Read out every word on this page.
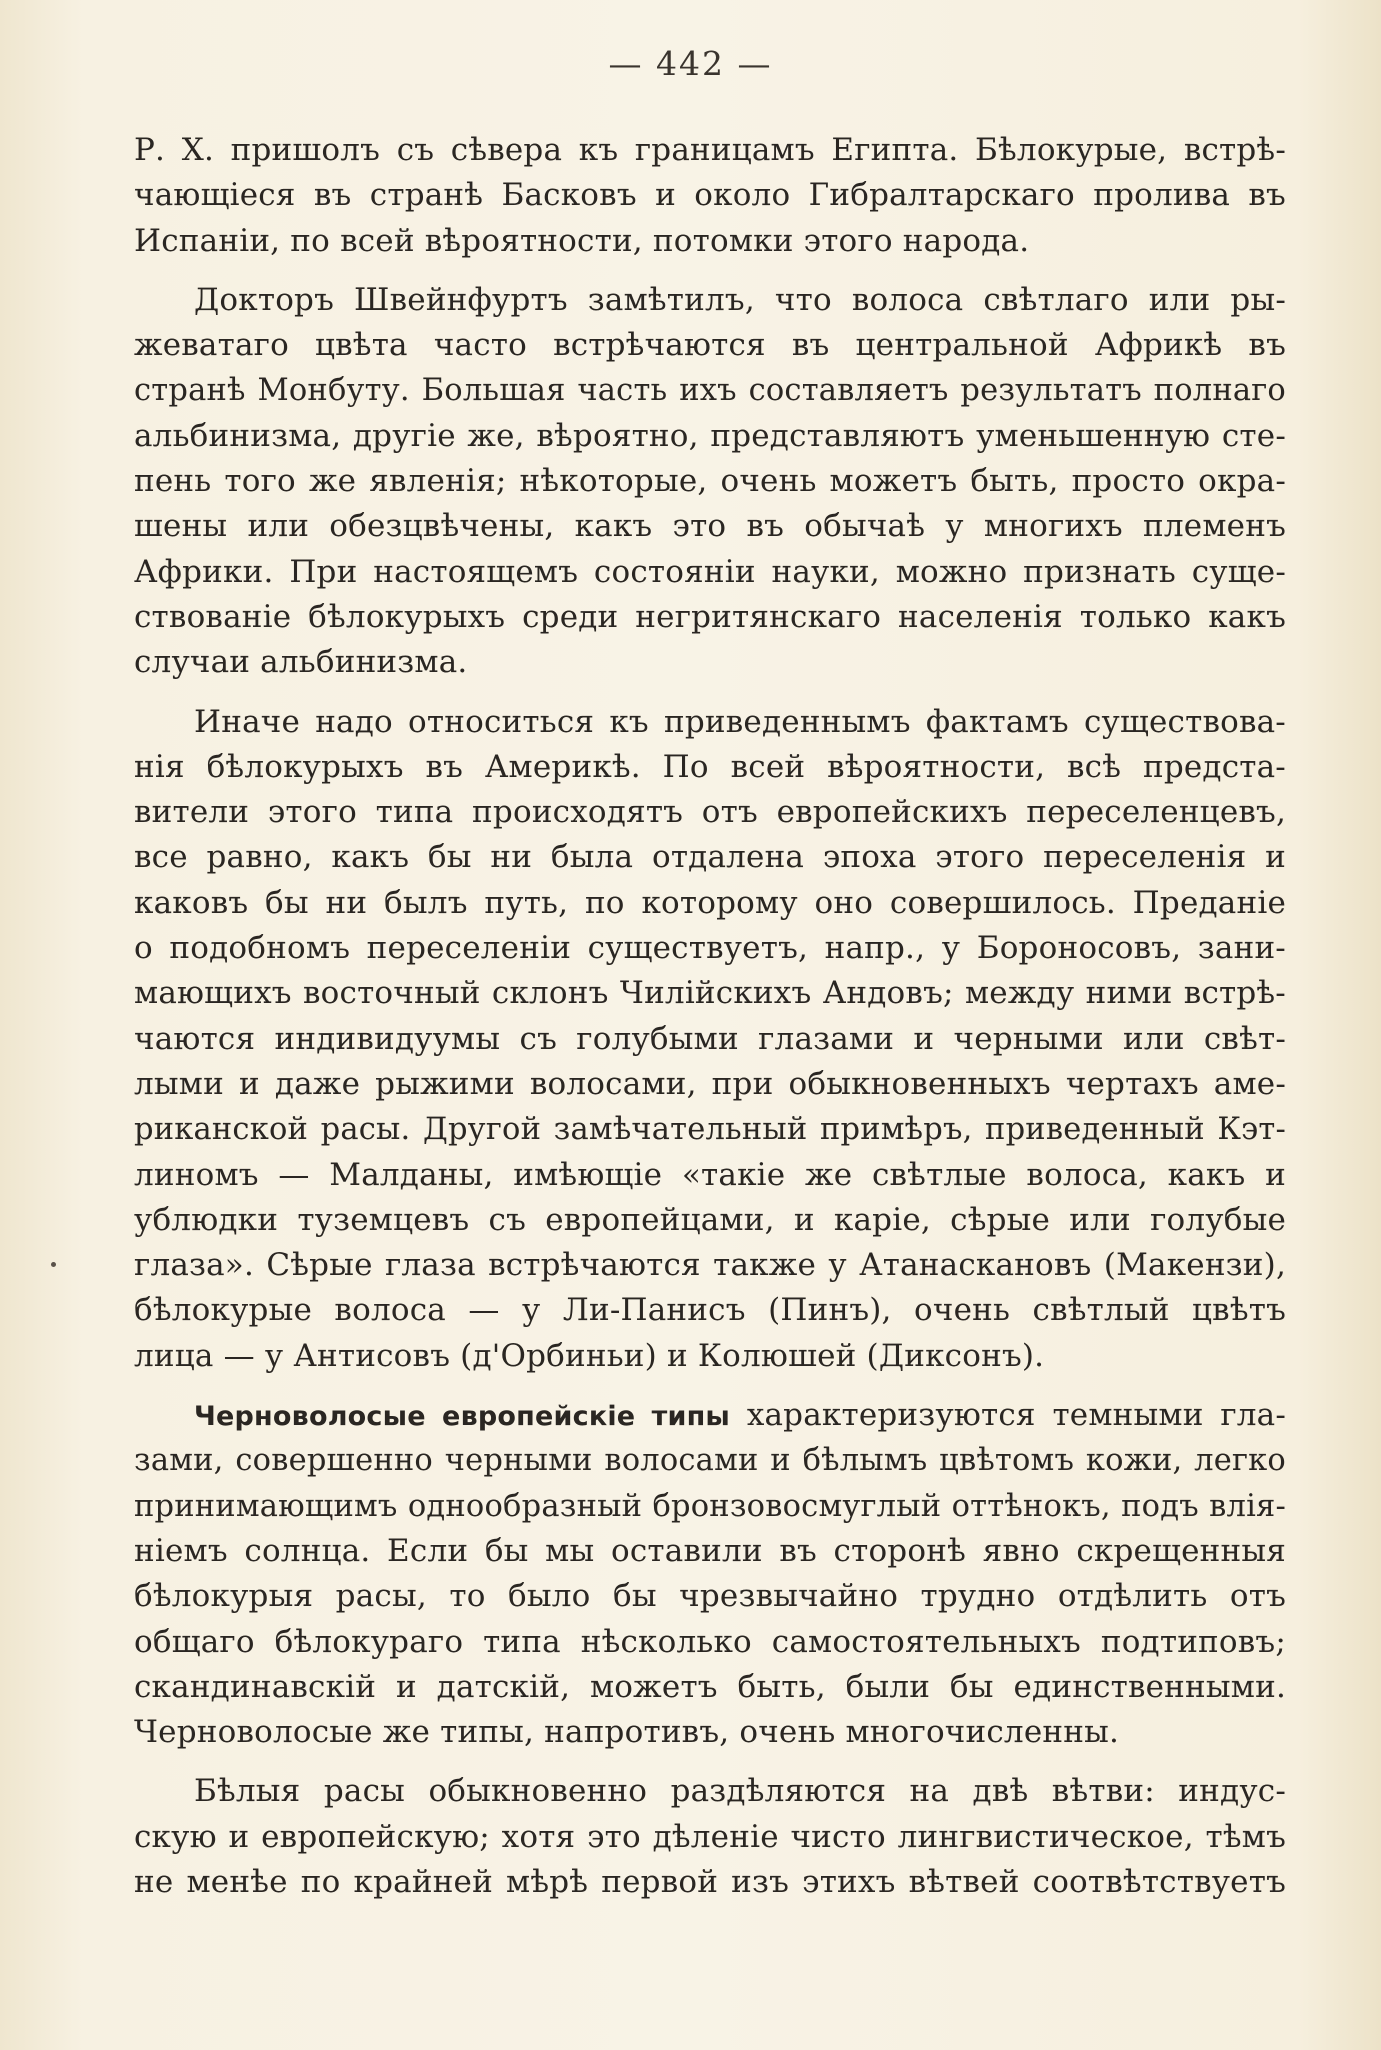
— 442 —
Р. Х. пришолъ съ сѣвера къ границамъ Египта. Бѣлокурые, встрѣ-
чающіеся въ странѣ Басковъ и около Гибралтарскаго пролива въ
Испаніи, по всей вѣроятности, потомки этого народа.
Докторъ Швейнфуртъ замѣтилъ, что волоса свѣтлаго или ры-
жеватаго цвѣта часто встрѣчаются въ центральной Африкѣ въ
странѣ Монбуту. Большая часть ихъ составляетъ результатъ полнаго
альбинизма, другіе же, вѣроятно, представляютъ уменьшенную сте-
пень того же явленія; нѣкоторые, очень можетъ быть, просто окра-
шены или обезцвѣчены, какъ это въ обычаѣ у многихъ племенъ
Африки. При настоящемъ состояніи науки, можно признать суще-
ствованіе бѣлокурыхъ среди негритянскаго населенія только какъ
случаи альбинизма.
Иначе надо относиться къ приведеннымъ фактамъ существова-
нія бѣлокурыхъ въ Америкѣ. По всей вѣроятности, всѣ предста-
вители этого типа происходятъ отъ европейскихъ переселенцевъ,
все равно, какъ бы ни была отдалена эпоха этого переселенія и
каковъ бы ни былъ путь, по которому оно совершилось. Преданіе
о подобномъ переселеніи существуетъ, напр., у Бороносовъ, зани-
мающихъ восточный склонъ Чилійскихъ Андовъ; между ними встрѣ-
чаются индивидуумы съ голубыми глазами и черными или свѣт-
лыми и даже рыжими волосами, при обыкновенныхъ чертахъ аме-
риканской расы. Другой замѣчательный примѣръ, приведенный Кэт-
линомъ — Малданы, имѣющіе «такіе же свѣтлые волоса, какъ и
ублюдки туземцевъ съ европейцами, и каріе, сѣрые или голубые
глаза». Сѣрые глаза встрѣчаются также у Атанаскановъ (Макензи),
бѣлокурые волоса — у Ли-Панисъ (Пинъ), очень свѣтлый цвѣтъ
лица — у Антисовъ (д'Орбиньи) и Колюшей (Диксонъ).
Черноволосые европейскіе типы характеризуются темными гла-
зами, совершенно черными волосами и бѣлымъ цвѣтомъ кожи, легко
принимающимъ однообразный бронзовосмуглый оттѣнокъ, подъ влія-
ніемъ солнца. Если бы мы оставили въ сторонѣ явно скрещенныя
бѣлокурыя расы, то было бы чрезвычайно трудно отдѣлить отъ
общаго бѣлокураго типа нѣсколько самостоятельныхъ подтиповъ;
скандинавскій и датскій, можетъ быть, были бы единственными.
Черноволосые же типы, напротивъ, очень многочисленны.
Бѣлыя расы обыкновенно раздѣляются на двѣ вѣтви: индус-
скую и европейскую; хотя это дѣленіе чисто лингвистическое, тѣмъ
не менѣе по крайней мѣрѣ первой изъ этихъ вѣтвей соотвѣтствуетъ
